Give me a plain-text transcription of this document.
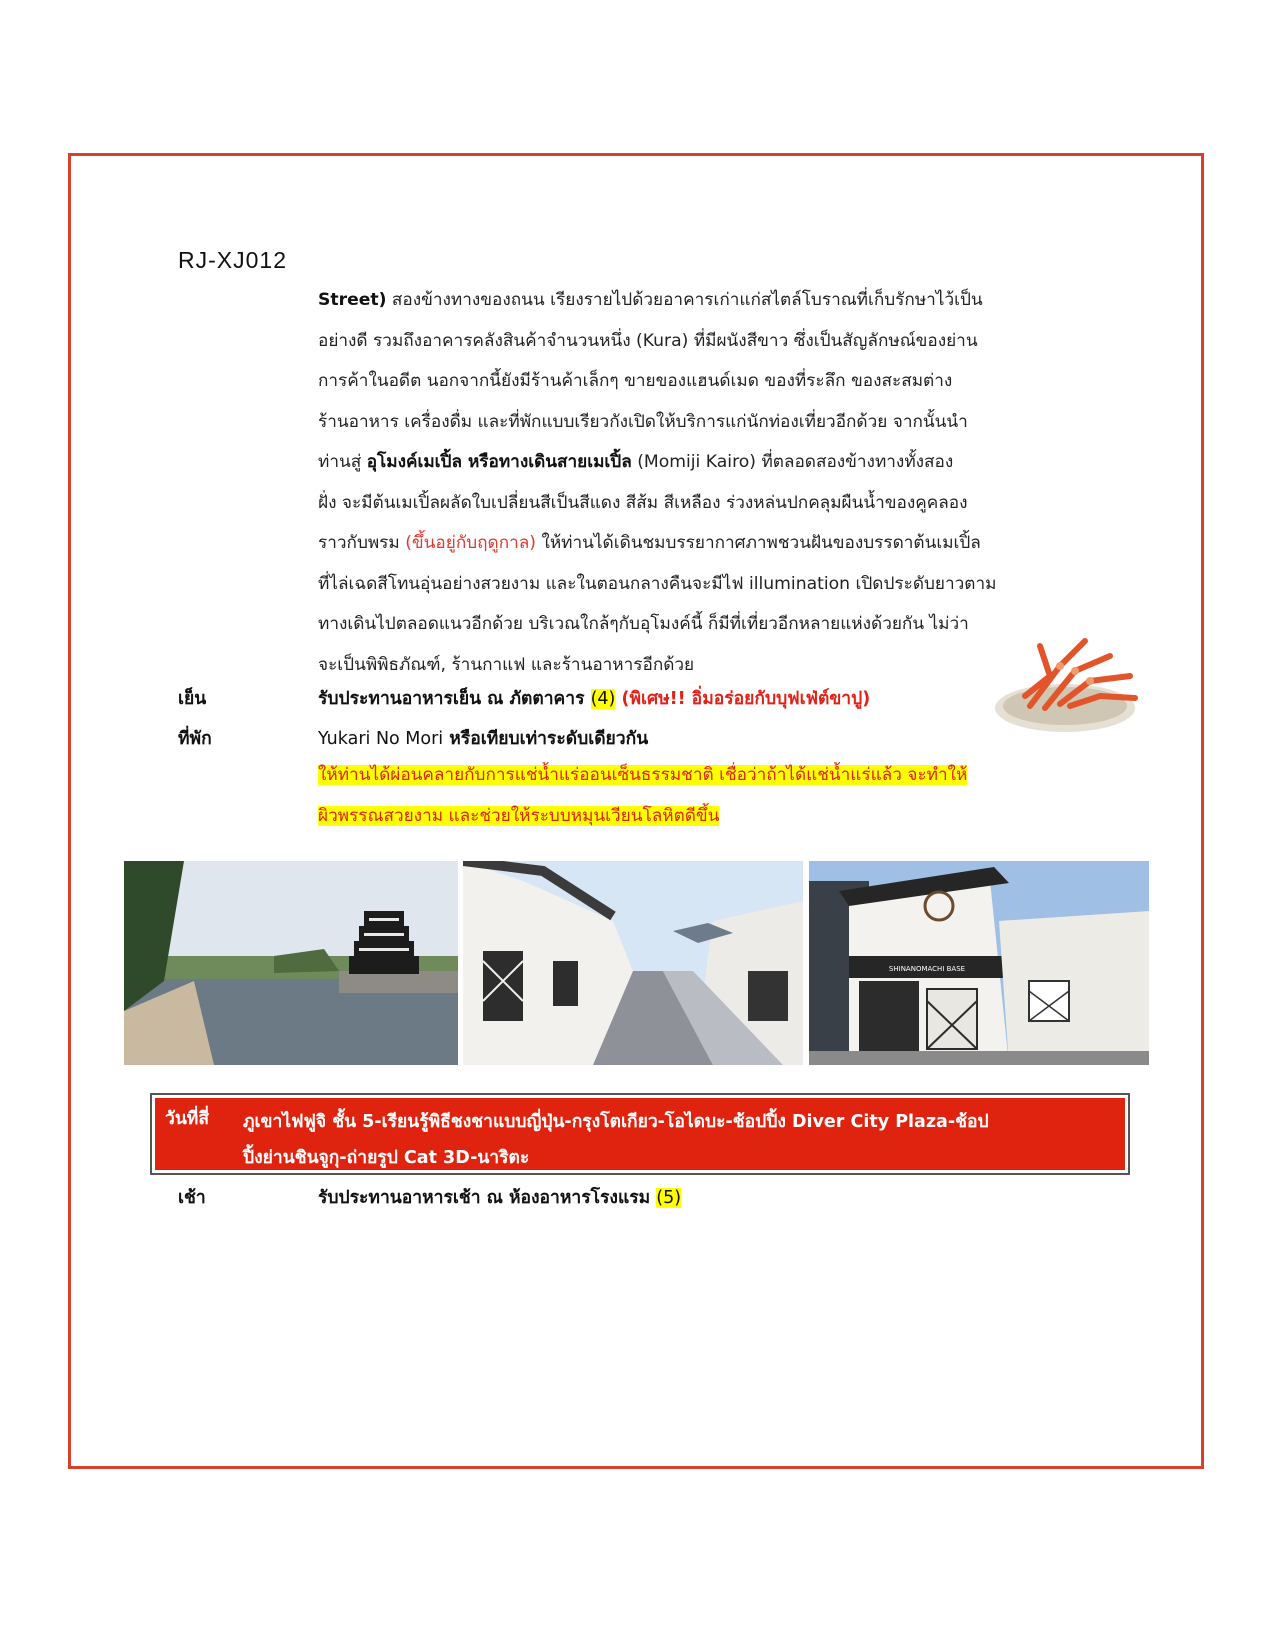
RJ-XJ012
Street) สองข้างทางของถนน เรียงรายไปด้วยอาคารเก่าแก่สไตล์โบราณที่เก็บรักษาไว้เป็น
อย่างดี รวมถึงอาคารคลังสินค้าจำนวนหนึ่ง (Kura) ที่มีผนังสีขาว ซึ่งเป็นสัญลักษณ์ของย่าน
การค้าในอดีต นอกจากนี้ยังมีร้านค้าเล็กๆ ขายของแฮนด์เมด ของที่ระลึก ของสะสมต่าง
ร้านอาหาร เครื่องดื่ม และที่พักแบบเรียวกังเปิดให้บริการแก่นักท่องเที่ยวอีกด้วย จากนั้นนำ
ท่านสู่ อุโมงค์เมเปิ้ล หรือทางเดินสายเมเปิ้ล (Momiji Kairo) ที่ตลอดสองข้างทางทั้งสอง
ฝั่ง จะมีต้นเมเปิ้ลผลัดใบเปลี่ยนสีเป็นสีแดง สีส้ม สีเหลือง ร่วงหล่นปกคลุมผืนน้ำของคูคลอง
ราวกับพรม (ขึ้นอยู่กับฤดูกาล) ให้ท่านได้เดินชมบรรยากาศภาพชวนฝันของบรรดาต้นเมเปิ้ล
ที่ไล่เฉดสีโทนอุ่นอย่างสวยงาม และในตอนกลางคืนจะมีไฟ illumination เปิดประดับยาวตาม
ทางเดินไปตลอดแนวอีกด้วย บริเวณใกล้ๆกับอุโมงค์นี้ ก็มีที่เที่ยวอีกหลายแห่งด้วยกัน ไม่ว่า
จะเป็นพิพิธภัณฑ์, ร้านกาแฟ และร้านอาหารอีกด้วย
เย็น	รับประทานอาหารเย็น ณ ภัตตาคาร (4) (พิเศษ!! อิ่มอร่อยกับบุฟเฟ่ต์ขาปู)
ที่พัก	Yukari No Mori หรือเทียบเท่าระดับเดียวกัน
ให้ท่านได้ผ่อนคลายกับการแช่น้ำแร่ออนเซ็นธรรมชาติ เชื่อว่าถ้าได้แช่น้ำแร่แล้ว จะทำให้
ผิวพรรณสวยงาม และช่วยให้ระบบหมุนเวียนโลหิตดีขึ้น
SHINANOMACHI BASE
วันที่สี่ ภูเขาไฟฟูจิ ชั้น 5-เรียนรู้พิธีชงชาแบบญี่ปุ่น-กรุงโตเกียว-โอไดบะ-ช้อปปิ้ง Diver City Plaza-ช้อป
ปิ้งย่านชินจูกุ-ถ่ายรูป Cat 3D-นาริตะ
เช้า	รับประทานอาหารเช้า ณ ห้องอาหารโรงแรม (5)
